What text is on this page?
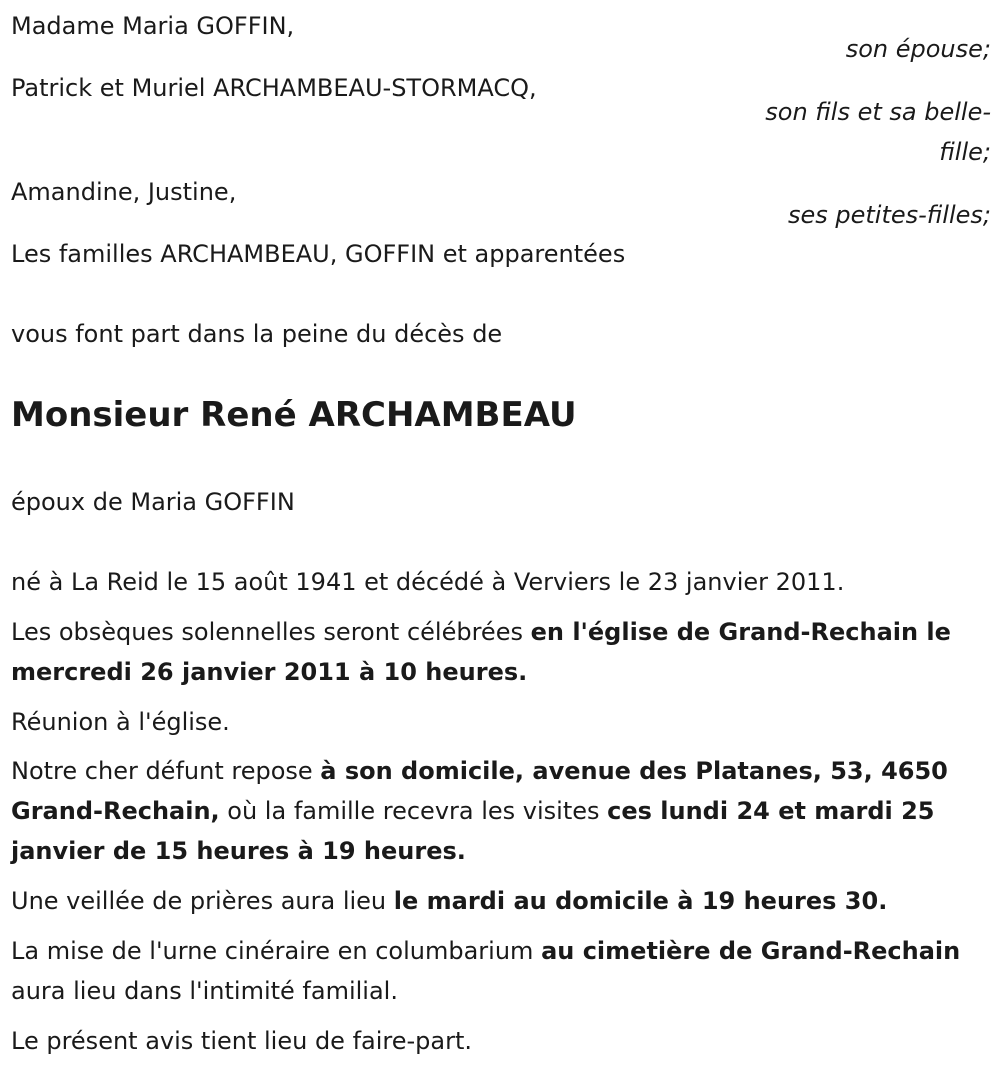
Madame Maria GOFFIN,
son épouse;
Patrick et Muriel ARCHAMBEAU-STORMACQ,
son fils et sa belle-
fille;
Amandine, Justine,
ses petites-filles;
Les familles ARCHAMBEAU, GOFFIN et apparentées
vous font part dans la peine du décès de
Monsieur René ARCHAMBEAU
époux de Maria GOFFIN
né à La Reid le 15 août 1941 et décédé à Verviers le 23 janvier 2011.
Les obsèques solennelles seront célébrées en l'église de Grand-Rechain le mercredi 26 janvier 2011 à 10 heures.
Réunion à l'église.
Notre cher défunt repose à son domicile, avenue des Platanes, 53, 4650 Grand-Rechain, où la famille recevra les visites ces lundi 24 et mardi 25 janvier de 15 heures à 19 heures.
Une veillée de prières aura lieu le mardi au domicile à 19 heures 30.
La mise de l'urne cinéraire en columbarium au cimetière de Grand-Rechain aura lieu dans l'intimité familial.
Le présent avis tient lieu de faire-part.
